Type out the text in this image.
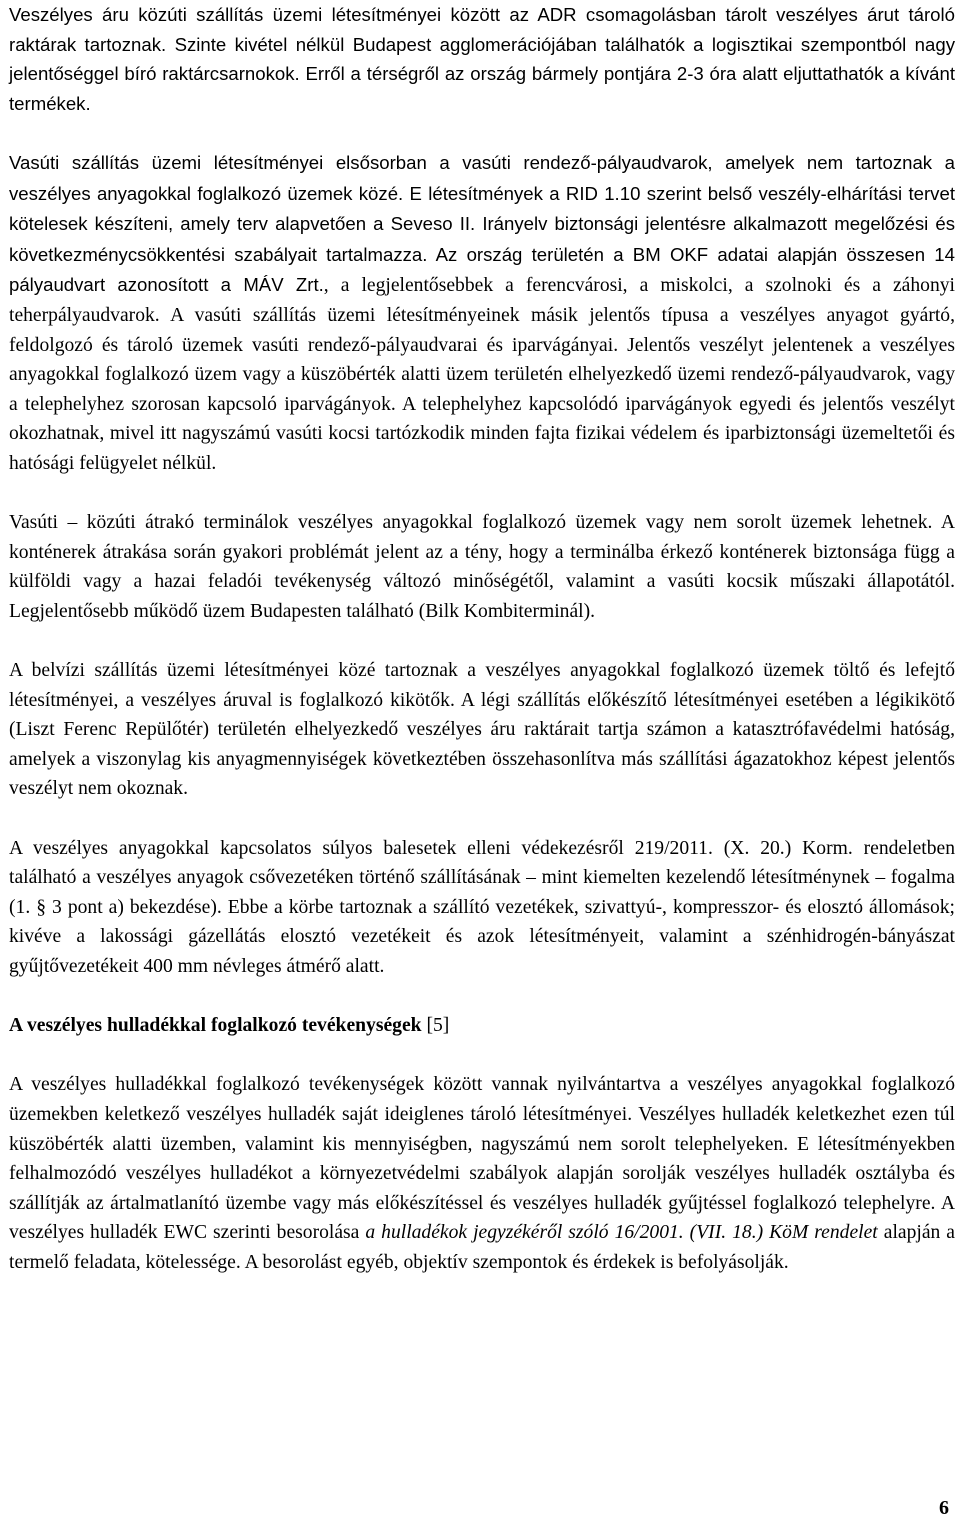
Veszélyes áru közúti szállítás üzemi létesítményei között az ADR csomagolásban tárolt veszélyes árut tároló raktárak tartoznak. Szinte kivétel nélkül Budapest agglomerációjában találhatók a logisztikai szempontból nagy jelentőséggel bíró raktárcsarnokok. Erről a térségről az ország bármely pontjára 2-3 óra alatt eljuttathatók a kívánt termékek.

Vasúti szállítás üzemi létesítményei elsősorban a vasúti rendező-pályaudvarok, amelyek nem tartoznak a veszélyes anyagokkal foglalkozó üzemek közé. E létesítmények a RID 1.10 szerint belső veszély-elhárítási tervet kötelesek készíteni, amely terv alapvetően a Seveso II. Irányelv biztonsági jelentésre alkalmazott megelőzési és következménycsökkentési szabályait tartalmazza. Az ország területén a BM OKF adatai alapján összesen 14 pályaudvart azonosított a MÁV Zrt., a legjelentősebbek a ferencvárosi, a miskolci, a szolnoki és a záhonyi teherpályaudvarok. A vasúti szállítás üzemi létesítményeinek másik jelentős típusa a veszélyes anyagot gyártó, feldolgozó és tároló üzemek vasúti rendező-pályaudvarai és iparvágányai. Jelentős veszélyt jelentenek a veszélyes anyagokkal foglalkozó üzem vagy a küszöbérték alatti üzem területén elhelyezkedő üzemi rendező-pályaudvarok, vagy a telephelyhez szorosan kapcsoló iparvágányok. A telephelyhez kapcsolódó iparvágányok egyedi és jelentős veszélyt okozhatnak, mivel itt nagyszámú vasúti kocsi tartózkodik minden fajta fizikai védelem és iparbiztonsági üzemeltetői és hatósági felügyelet nélkül.

Vasúti – közúti átrakó terminálok veszélyes anyagokkal foglalkozó üzemek vagy nem sorolt üzemek lehetnek. A konténerek átrakása során gyakori problémát jelent az a tény, hogy a terminálba érkező konténerek biztonsága függ a külföldi vagy a hazai feladói tevékenység változó minőségétől, valamint a vasúti kocsik műszaki állapotától. Legjelentősebb működő üzem Budapesten található (Bilk Kombiterminál).

A belvízi szállítás üzemi létesítményei közé tartoznak a veszélyes anyagokkal foglalkozó üzemek töltő és lefejtő létesítményei, a veszélyes áruval is foglalkozó kikötők. A légi szállítás előkészítő létesítményei esetében a légikikötő (Liszt Ferenc Repülőtér) területén elhelyezkedő veszélyes áru raktárait tartja számon a katasztrófavédelmi hatóság, amelyek a viszonylag kis anyagmennyiségek következtében összehasonlítva más szállítási ágazatokhoz képest jelentős veszélyt nem okoznak.

A veszélyes anyagokkal kapcsolatos súlyos balesetek elleni védekezésről 219/2011. (X. 20.) Korm. rendeletben található a veszélyes anyagok csővezetéken történő szállításának – mint kiemelten kezelendő létesítménynek – fogalma (1. § 3 pont a) bekezdése). Ebbe a körbe tartoznak a szállító vezetékek, szivattyú-, kompresszor- és elosztó állomások; kivéve a lakossági gázellátás elosztó vezetékeit és azok létesítményeit, valamint a szénhidrogén-bányászat gyűjtővezetékeit 400 mm névleges átmérő alatt.

A veszélyes hulladékkal foglalkozó tevékenységek [5]

A veszélyes hulladékkal foglalkozó tevékenységek között vannak nyilvántartva a veszélyes anyagokkal foglalkozó üzemekben keletkező veszélyes hulladék saját ideiglenes tároló létesítményei. Veszélyes hulladék keletkezhet ezen túl küszöbérték alatti üzemben, valamint kis mennyiségben, nagyszámú nem sorolt telephelyeken. E létesítményekben felhalmozódó veszélyes hulladékot a környezetvédelmi szabályok alapján sorolják veszélyes hulladék osztályba és szállítják az ártalmatlanító üzembe vagy más előkészítéssel és veszélyes hulladék gyűjtéssel foglalkozó telephelyre. A veszélyes hulladék EWC szerinti besorolása a hulladékok jegyzékéről szóló 16/2001. (VII. 18.) KöM rendelet alapján a termelő feladata, kötelessége. A besorolást egyéb, objektív szempontok és érdekek is befolyásolják.

6
